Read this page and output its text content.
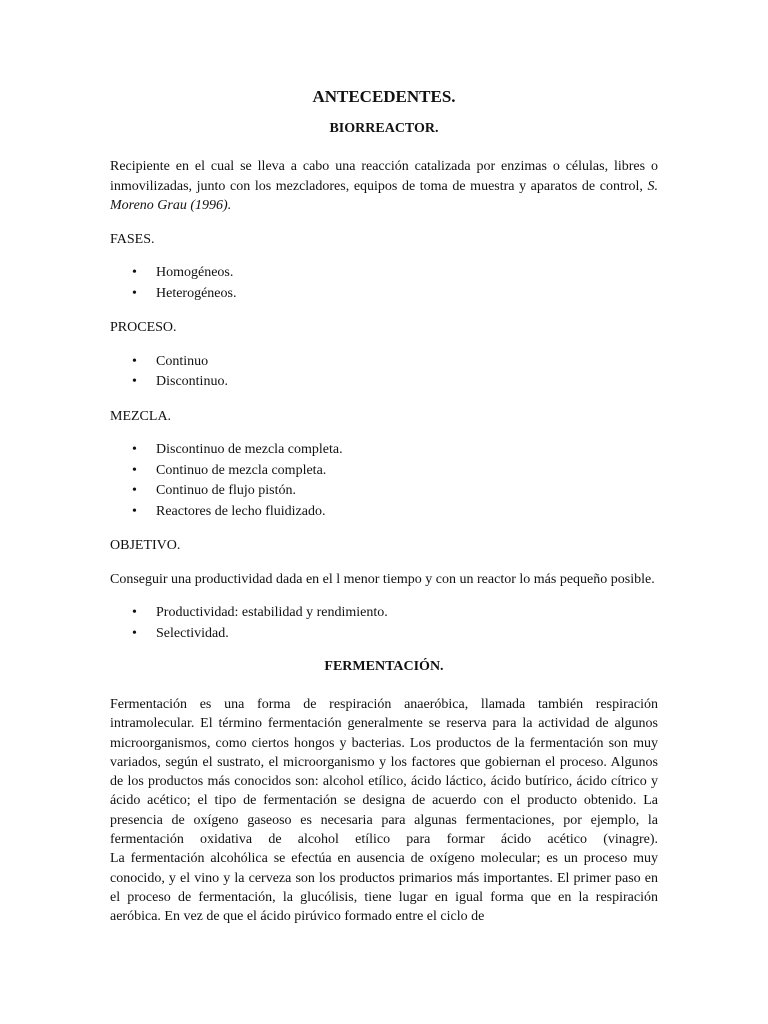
ANTECEDENTES.
BIORREACTOR.

Recipiente en el cual se lleva a cabo una reacción catalizada por enzimas o células, libres o inmovilizadas, junto con los mezcladores, equipos de toma de muestra y aparatos de control, S. Moreno Grau (1996).

FASES.
• Homogéneos.
• Heterogéneos.
PROCESO.
• Continuo
• Discontinuo.
MEZCLA.
• Discontinuo de mezcla completa.
• Continuo de mezcla completa.
• Continuo de flujo pistón.
• Reactores de lecho fluidizado.
OBJETIVO.

Conseguir una productividad dada en el l menor tiempo y con un reactor lo más pequeño posible.

• Productividad: estabilidad y rendimiento.
• Selectividad.
FERMENTACIÓN.

Fermentación es una forma de respiración anaeróbica, llamada también respiración intramolecular. El término fermentación generalmente se reserva para la actividad de algunos microorganismos, como ciertos hongos y bacterias. Los productos de la fermentación son muy variados, según el sustrato, el microorganismo y los factores que gobiernan el proceso. Algunos de los productos más conocidos son: alcohol etílico, ácido láctico, ácido butírico, ácido cítrico y ácido acético; el tipo de fermentación se designa de acuerdo con el producto obtenido. La presencia de oxígeno gaseoso es necesaria para algunas fermentaciones, por ejemplo, la fermentación oxidativa de alcohol etílico para formar ácido acético (vinagre).

La fermentación alcohólica se efectúa en ausencia de oxígeno molecular; es un proceso muy conocido, y el vino y la cerveza son los productos primarios más importantes. El primer paso en el proceso de fermentación, la glucólisis, tiene lugar en igual forma que en la respiración aeróbica. En vez de que el ácido pirúvico formado entre el ciclo de
